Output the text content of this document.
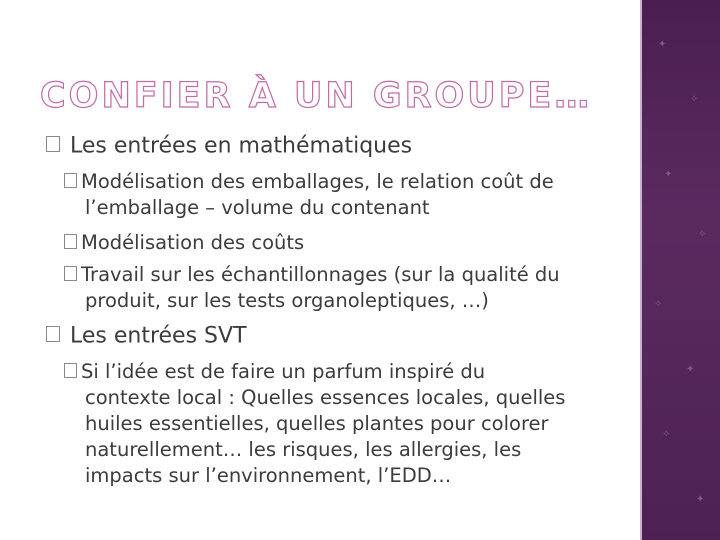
✦
✧
✦
✧
✧
✦
✧
✦
CONFIER À UN GROUPE…
Les entrées en mathématiques
Modélisation des emballages, le relation coût de
l’emballage – volume du contenant
Modélisation des coûts
Travail sur les échantillonnages (sur la qualité du
produit, sur les tests organoleptiques, …)
Les entrées SVT
Si l’idée est de faire un parfum inspiré du
contexte local : Quelles essences locales, quelles
huiles essentielles, quelles plantes pour colorer
naturellement… les risques, les allergies, les
impacts sur l’environnement, l’EDD…
